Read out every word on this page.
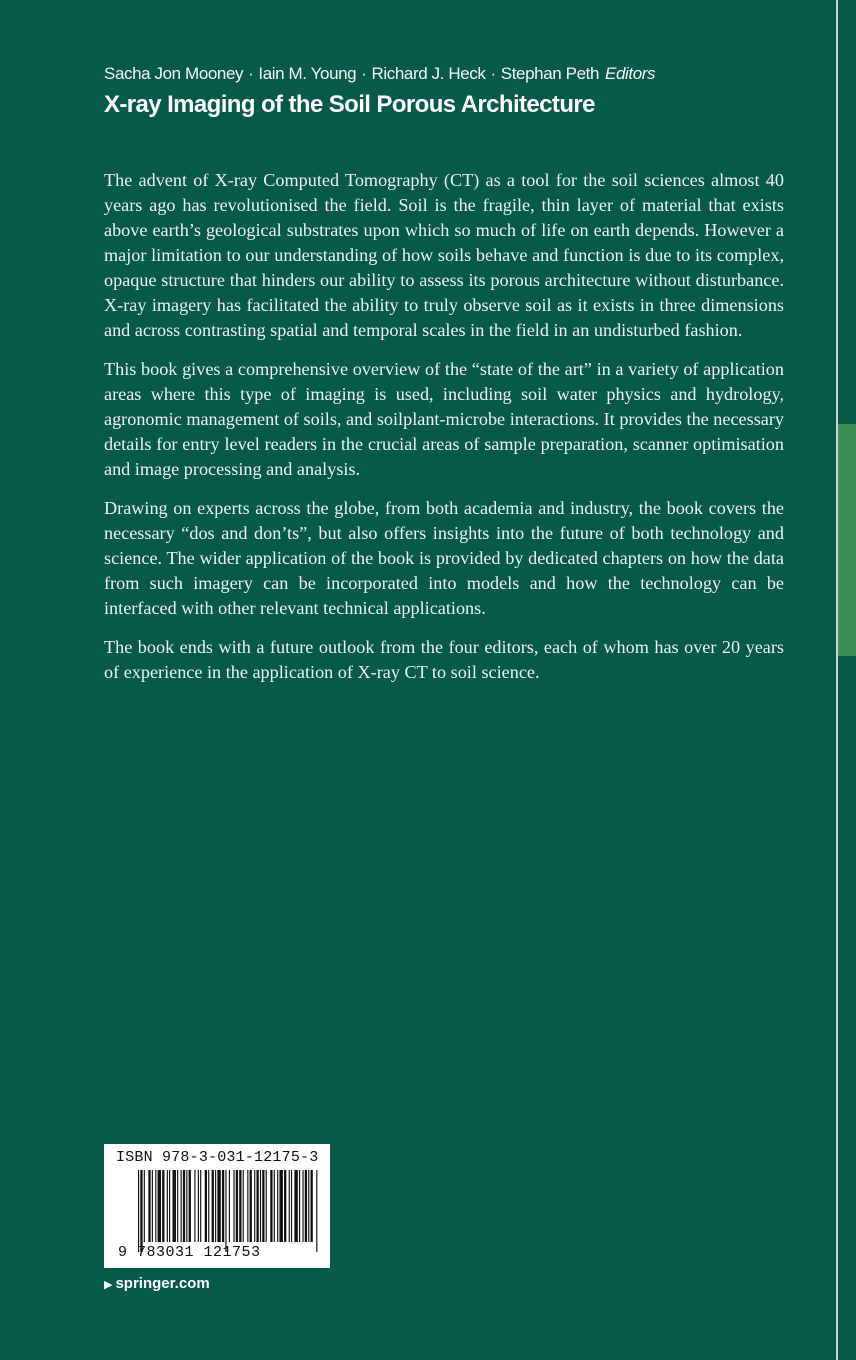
Sacha Jon Mooney · Iain M. Young · Richard J. Heck · Stephan Peth Editors
X-ray Imaging of the Soil Porous Architecture

The advent of X-ray Computed Tomography (CT) as a tool for the soil sciences almost 40 years ago has revolutionised the field. Soil is the fragile, thin layer of material that exists above earth’s geological substrates upon which so much of life on earth depends. However a major limitation to our understanding of how soils behave and function is due to its complex, opaque structure that hinders our ability to assess its porous architecture without disturbance. X-ray imagery has facilitated the ability to truly observe soil as it exists in three dimensions and across contrasting spatial and temporal scales in the field in an undisturbed fashion.

This book gives a comprehensive overview of the “state of the art” in a variety of application areas where this type of imaging is used, including soil water physics and hydrology, agronomic management of soils, and soilplant-microbe interactions. It provides the necessary details for entry level readers in the crucial areas of sample preparation, scanner optimisation and image processing and analysis.

Drawing on experts across the globe, from both academia and industry, the book covers the necessary “dos and don’ts”, but also offers insights into the future of both technology and science. The wider application of the book is provided by dedicated chapters on how the data from such imagery can be incorporated into models and how the technology can be interfaced with other relevant technical applications.

The book ends with a future outlook from the four editors, each of whom has over 20 years of experience in the application of X-ray CT to soil science.

ISBN 978-3-031-12175-3
9 783031 121753
▶ springer.com
